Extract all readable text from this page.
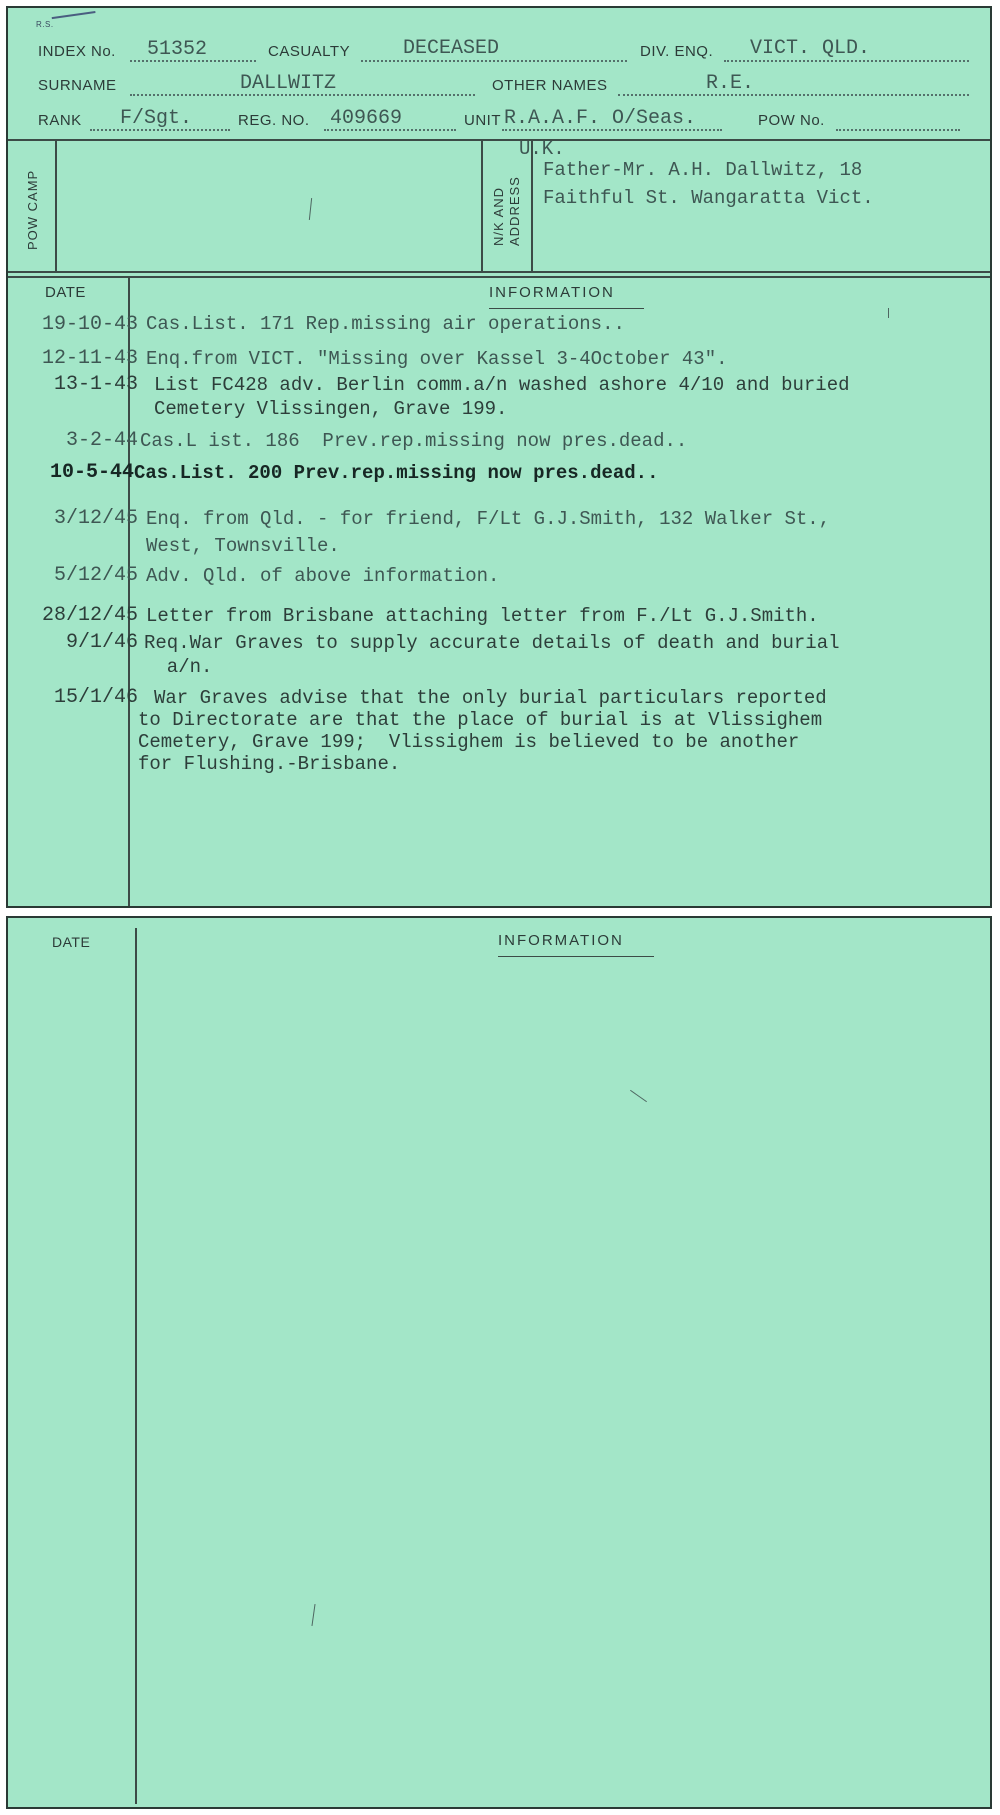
R.S.
INDEX No. 51352	CASUALTY	DECEASED	DIV. ENQ. VICT. QLD.
SURNAME	DALLWITZ	OTHER NAMES	R.E.
RANK F/Sgt.	REG. NO. 409669	UNIT R.A.A.F. O/Seas.	POW No.
POW CAMP	N/K AND ADDRESS
U.K.
Father-Mr. A.H. Dallwitz, 18
Faithful St. Wangaratta Vict.
DATE	INFORMATION
19-10-43 Cas.List. 171 Rep.missing air operations..
12-11-43 Enq.from VICT. "Missing over Kassel 3-4October 43".
13-1-43 List FC428 adv. Berlin comm.a/n washed ashore 4/10 and buried
Cemetery Vlissingen, Grave 199.
3-2-44 Cas.L ist. 186  Prev.rep.missing now pres.dead..
10-5-44 Cas.List. 200 Prev.rep.missing now pres.dead..
3/12/45 Enq. from Qld. - for friend, F/Lt G.J.Smith, 132 Walker St.,
West, Townsville.
5/12/45 Adv. Qld. of above information.
28/12/45 Letter from Brisbane attaching letter from F./Lt G.J.Smith.
9/1/46 Req.War Graves to supply accurate details of death and burial
a/n.
15/1/46 War Graves advise that the only burial particulars reported
to Directorate are that the place of burial is at Vlissighem
Cemetery, Grave 199;  Vlissighem is believed to be another
for Flushing.-Brisbane.
DATE	INFORMATION
